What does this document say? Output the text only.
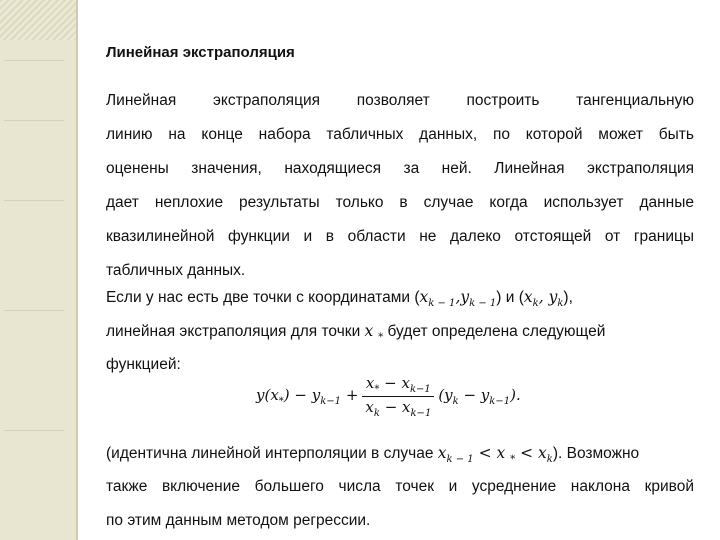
Линейная экстраполяция
Линейная экстраполяция позволяет построить тангенциальную
линию на конце набора табличных данных, по которой может быть
оценены значения, находящиеся за ней. Линейная экстраполяция
дает неплохие результаты только в случае когда использует данные
квазилинейной функции и в области не далеко отстоящей от границы
табличных данных.
Если у нас есть две точки с координатами $(x_{k - 1},y_{k - 1})$ и ($x_k$, $y_k$),
линейная экстраполяция для точки x $_*$ будет определена следующей
функцией:
$y(x_*) - y_{k-1} + \frac{x_* - x_{k-1}}{x_k - x_{k-1}} (y_k - y_{k-1})$.
(идентична линейной интерполяции в случае $x_{k - 1} < x$ $_* < x_k$). Возможно
также включение большего числа точек и усреднение наклона кривой
по этим данным методом регрессии.
